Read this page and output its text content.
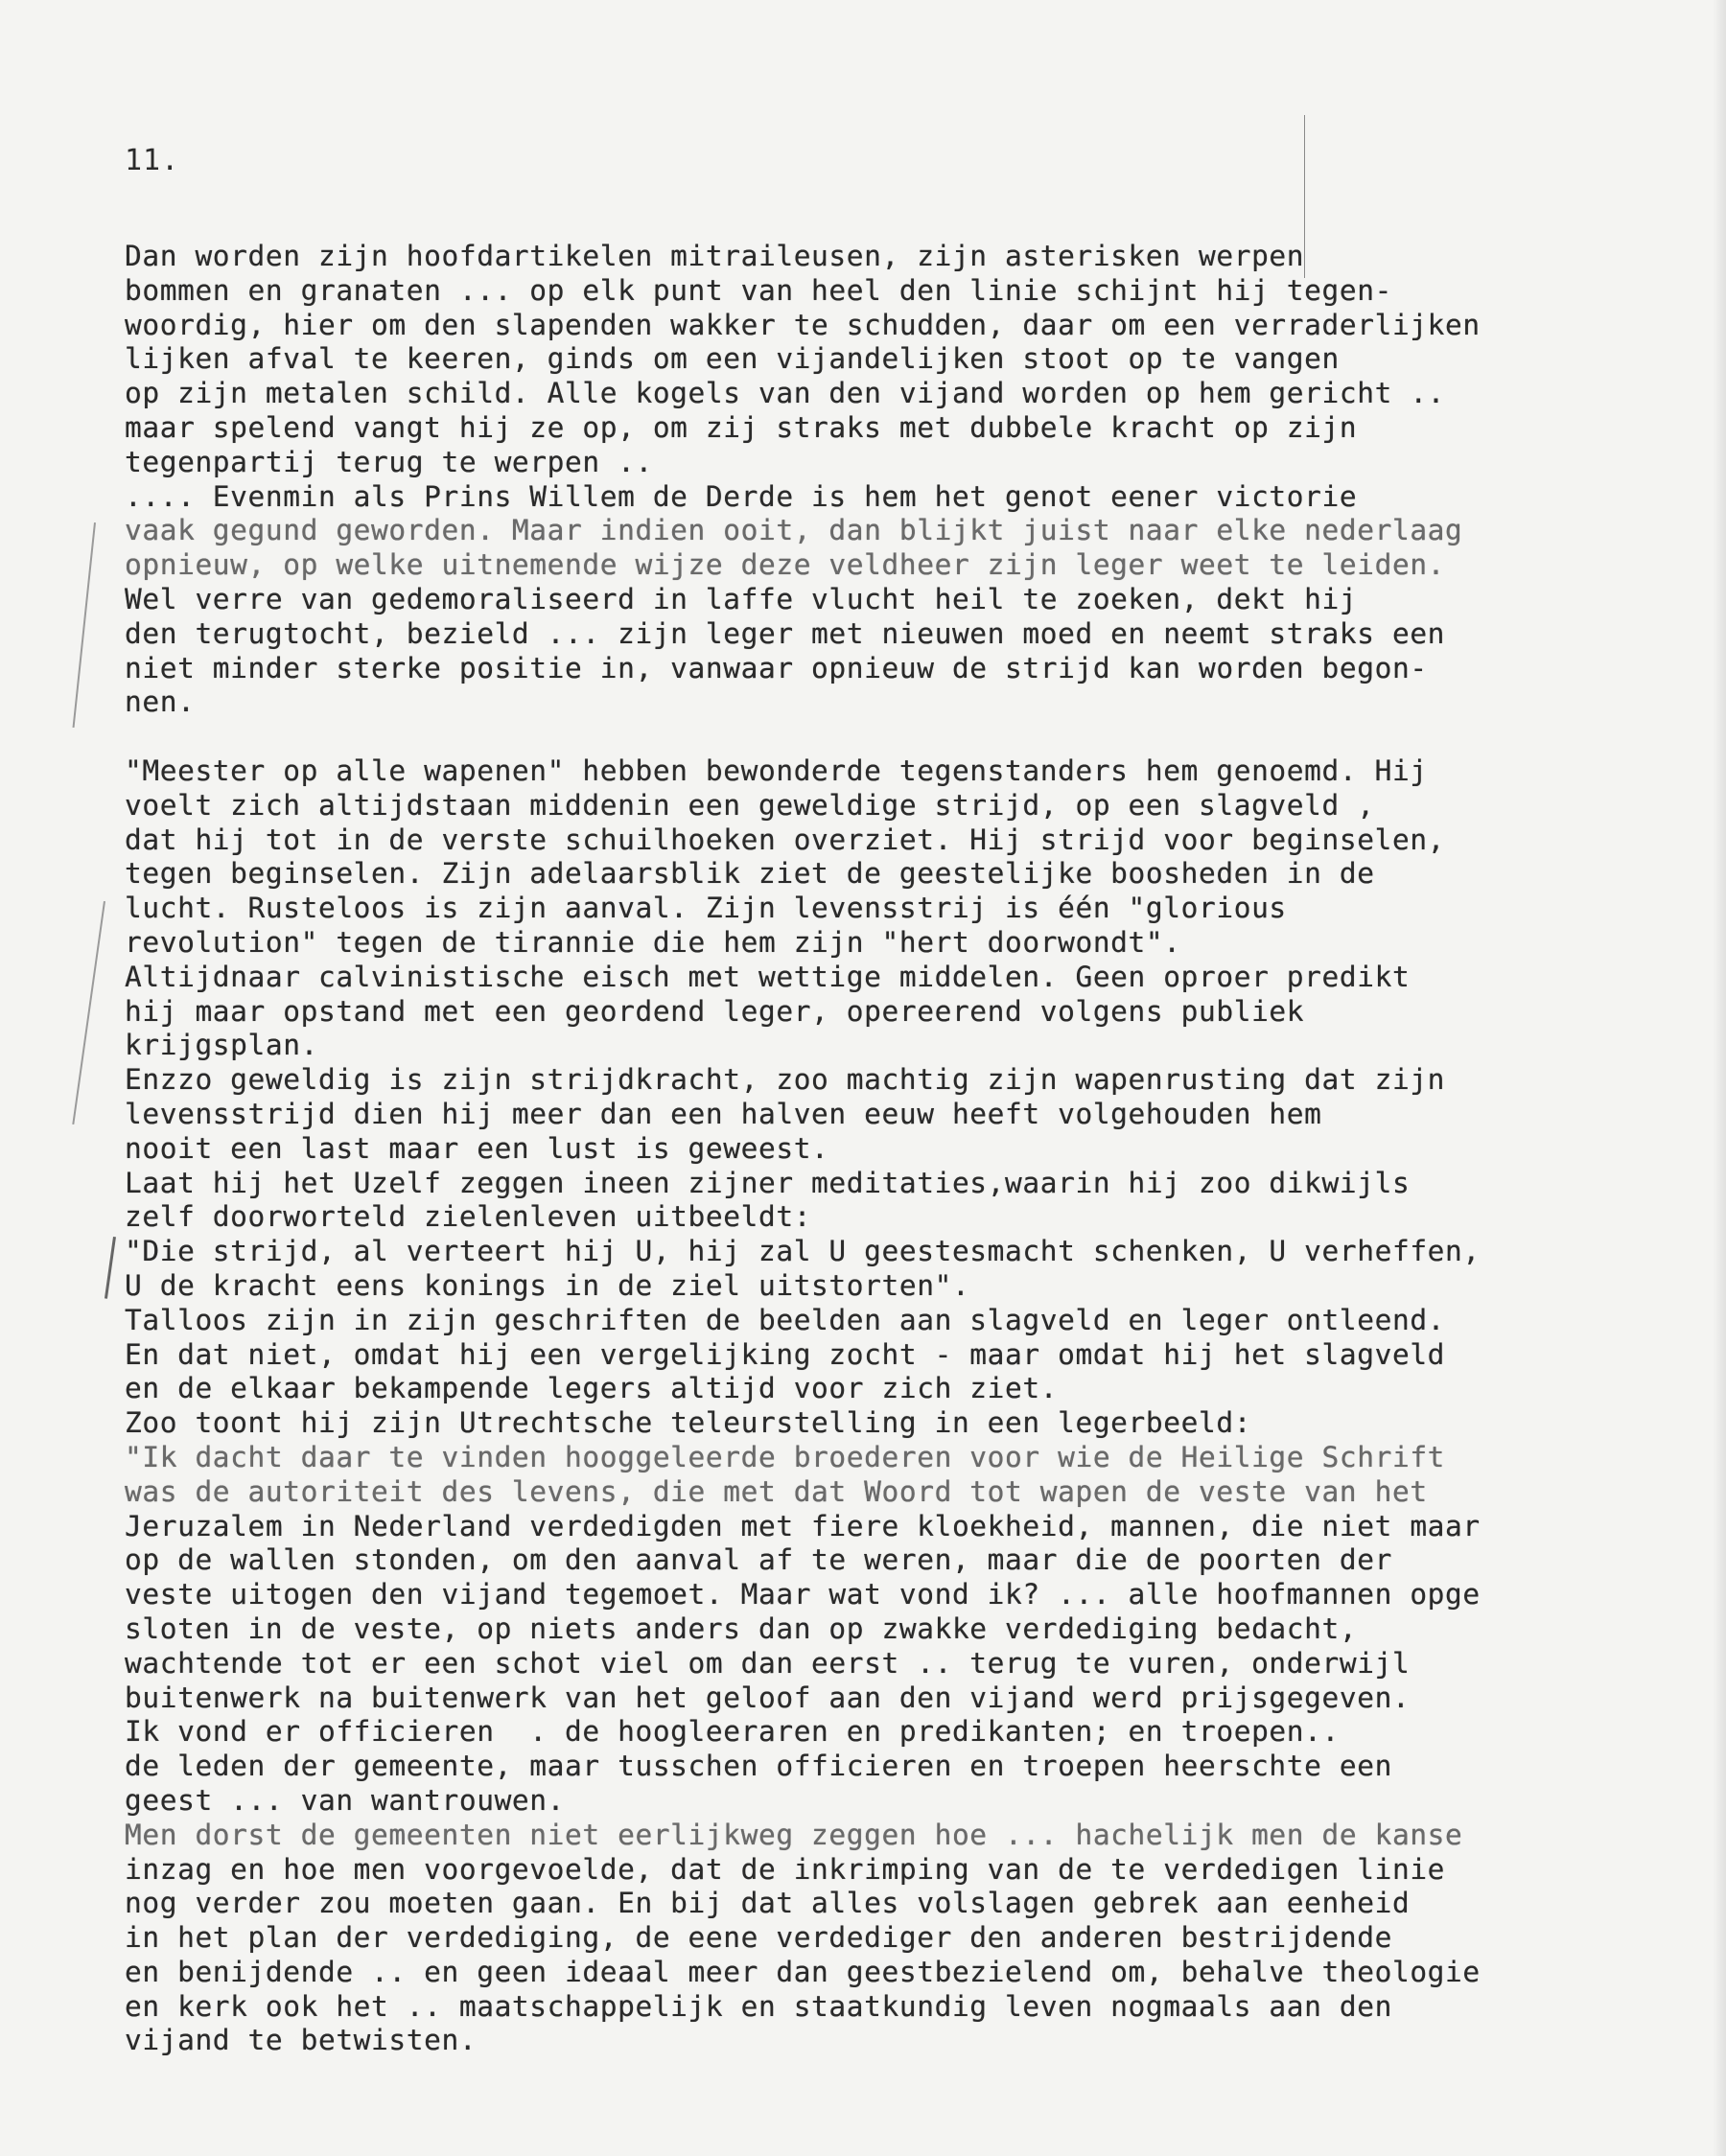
11.
Dan worden zijn hoofdartikelen mitraileusen, zijn asterisken werpen
bommen en granaten ... op elk punt van heel den linie schijnt hij tegen-
woordig, hier om den slapenden wakker te schudden, daar om een verraderlijken
lijken afval te keeren, ginds om een vijandelijken stoot op te vangen
op zijn metalen schild. Alle kogels van den vijand worden op hem gericht ..
maar spelend vangt hij ze op, om zij straks met dubbele kracht op zijn
tegenpartij terug te werpen ..
.... Evenmin als Prins Willem de Derde is hem het genot eener victorie
vaak gegund geworden. Maar indien ooit, dan blijkt juist naar elke nederlaag
opnieuw, op welke uitnemende wijze deze veldheer zijn leger weet te leiden.
Wel verre van gedemoraliseerd in laffe vlucht heil te zoeken, dekt hij
den terugtocht, bezield ... zijn leger met nieuwen moed en neemt straks een
niet minder sterke positie in, vanwaar opnieuw de strijd kan worden begon-
nen.
"Meester op alle wapenen" hebben bewonderde tegenstanders hem genoemd. Hij
voelt zich altijdstaan middenin een geweldige strijd, op een slagveld ,
dat hij tot in de verste schuilhoeken overziet. Hij strijd voor beginselen,
tegen beginselen. Zijn adelaarsblik ziet de geestelijke boosheden in de
lucht. Rusteloos is zijn aanval. Zijn levensstrij is één "glorious
revolution" tegen de tirannie die hem zijn "hert doorwondt".
Altijdnaar calvinistische eisch met wettige middelen. Geen oproer predikt
hij maar opstand met een geordend leger, opereerend volgens publiek
krijgsplan.
Enzzo geweldig is zijn strijdkracht, zoo machtig zijn wapenrusting dat zijn
levensstrijd dien hij meer dan een halven eeuw heeft volgehouden hem
nooit een last maar een lust is geweest.
Laat hij het Uzelf zeggen ineen zijner meditaties,waarin hij zoo dikwijls
zelf doorworteld zielenleven uitbeeldt:
"Die strijd, al verteert hij U, hij zal U geestesmacht schenken, U verheffen,
U de kracht eens konings in de ziel uitstorten".
Talloos zijn in zijn geschriften de beelden aan slagveld en leger ontleend.
En dat niet, omdat hij een vergelijking zocht - maar omdat hij het slagveld
en de elkaar bekampende legers altijd voor zich ziet.
Zoo toont hij zijn Utrechtsche teleurstelling in een legerbeeld:
"Ik dacht daar te vinden hooggeleerde broederen voor wie de Heilige Schrift
was de autoriteit des levens, die met dat Woord tot wapen de veste van het
Jeruzalem in Nederland verdedigden met fiere kloekheid, mannen, die niet maar
op de wallen stonden, om den aanval af te weren, maar die de poorten der
veste uitogen den vijand tegemoet. Maar wat vond ik? ... alle hoofmannen opge
sloten in de veste, op niets anders dan op zwakke verdediging bedacht,
wachtende tot er een schot viel om dan eerst .. terug te vuren, onderwijl
buitenwerk na buitenwerk van het geloof aan den vijand werd prijsgegeven.
Ik vond er officieren  . de hoogleeraren en predikanten; en troepen..
de leden der gemeente, maar tusschen officieren en troepen heerschte een
geest ... van wantrouwen.
Men dorst de gemeenten niet eerlijkweg zeggen hoe ... hachelijk men de kanse
inzag en hoe men voorgevoelde, dat de inkrimping van de te verdedigen linie
nog verder zou moeten gaan. En bij dat alles volslagen gebrek aan eenheid
in het plan der verdediging, de eene verdediger den anderen bestrijdende
en benijdende .. en geen ideaal meer dan geestbezielend om, behalve theologie
en kerk ook het .. maatschappelijk en staatkundig leven nogmaals aan den
vijand te betwisten.
